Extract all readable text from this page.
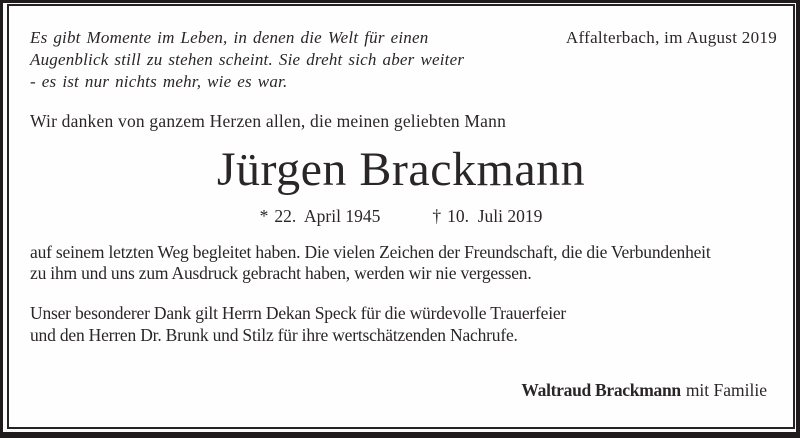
Es gibt Momente im Leben, in denen die Welt für einen
Augenblick still zu stehen scheint. Sie dreht sich aber weiter
- es ist nur nichts mehr, wie es war.
Affalterbach, im August 2019
Wir danken von ganzem Herzen allen, die meinen geliebten Mann
Jürgen Brackmann
* 22.  April 1945	† 10.  Juli 2019
auf seinem letzten Weg begleitet haben. Die vielen Zeichen der Freundschaft, die die Verbundenheit
zu ihm und uns zum Ausdruck gebracht haben, werden wir nie vergessen.
Unser besonderer Dank gilt Herrn Dekan Speck für die würdevolle Trauerfeier
und den Herren Dr. Brunk und Stilz für ihre wertschätzenden Nachrufe.
Waltraud Brackmann mit Familie
